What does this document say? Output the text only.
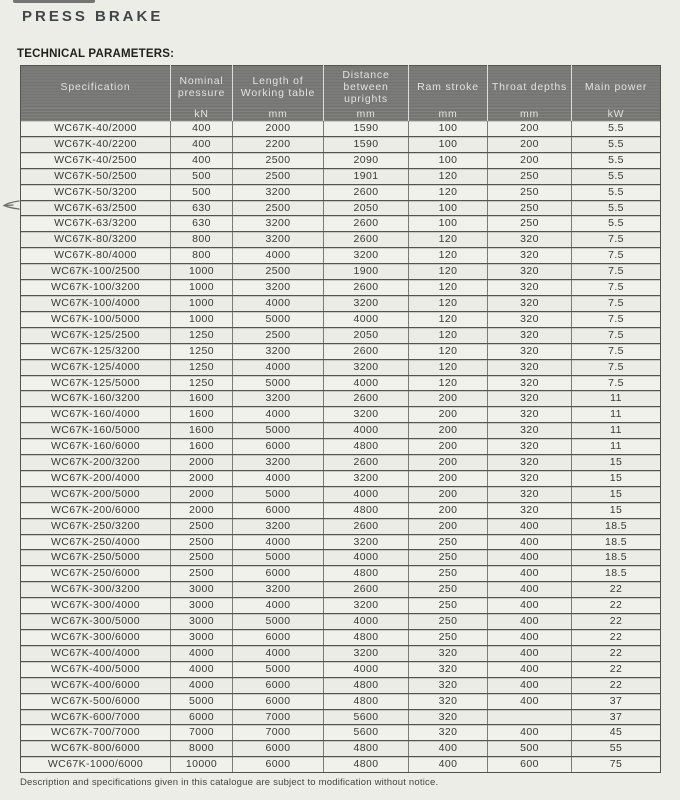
PRESS BRAKE
TECHNICAL PARAMETERS:
Specification	Nominal pressure	Length of Working table	Distance between uprights	Ram stroke	Throat depths	Main power
	kN	mm	mm	mm	mm	kW
WC67K-40/2000	400	2000	1590	100	200	5.5
WC67K-40/2200	400	2200	1590	100	200	5.5
WC67K-40/2500	400	2500	2090	100	200	5.5
WC67K-50/2500	500	2500	1901	120	250	5.5
WC67K-50/3200	500	3200	2600	120	250	5.5
WC67K-63/2500	630	2500	2050	100	250	5.5
WC67K-63/3200	630	3200	2600	100	250	5.5
WC67K-80/3200	800	3200	2600	120	320	7.5
WC67K-80/4000	800	4000	3200	120	320	7.5
WC67K-100/2500	1000	2500	1900	120	320	7.5
WC67K-100/3200	1000	3200	2600	120	320	7.5
WC67K-100/4000	1000	4000	3200	120	320	7.5
WC67K-100/5000	1000	5000	4000	120	320	7.5
WC67K-125/2500	1250	2500	2050	120	320	7.5
WC67K-125/3200	1250	3200	2600	120	320	7.5
WC67K-125/4000	1250	4000	3200	120	320	7.5
WC67K-125/5000	1250	5000	4000	120	320	7.5
WC67K-160/3200	1600	3200	2600	200	320	11
WC67K-160/4000	1600	4000	3200	200	320	11
WC67K-160/5000	1600	5000	4000	200	320	11
WC67K-160/6000	1600	6000	4800	200	320	11
WC67K-200/3200	2000	3200	2600	200	320	15
WC67K-200/4000	2000	4000	3200	200	320	15
WC67K-200/5000	2000	5000	4000	200	320	15
WC67K-200/6000	2000	6000	4800	200	320	15
WC67K-250/3200	2500	3200	2600	200	400	18.5
WC67K-250/4000	2500	4000	3200	250	400	18.5
WC67K-250/5000	2500	5000	4000	250	400	18.5
WC67K-250/6000	2500	6000	4800	250	400	18.5
WC67K-300/3200	3000	3200	2600	250	400	22
WC67K-300/4000	3000	4000	3200	250	400	22
WC67K-300/5000	3000	5000	4000	250	400	22
WC67K-300/6000	3000	6000	4800	250	400	22
WC67K-400/4000	4000	4000	3200	320	400	22
WC67K-400/5000	4000	5000	4000	320	400	22
WC67K-400/6000	4000	6000	4800	320	400	22
WC67K-500/6000	5000	6000	4800	320	400	37
WC67K-600/7000	6000	7000	5600	320		37
WC67K-700/7000	7000	7000	5600	320	400	45
WC67K-800/6000	8000	6000	4800	400	500	55
WC67K-1000/6000	10000	6000	4800	400	600	75
Description and specifications given in this catalogue are subject to modification without notice.
